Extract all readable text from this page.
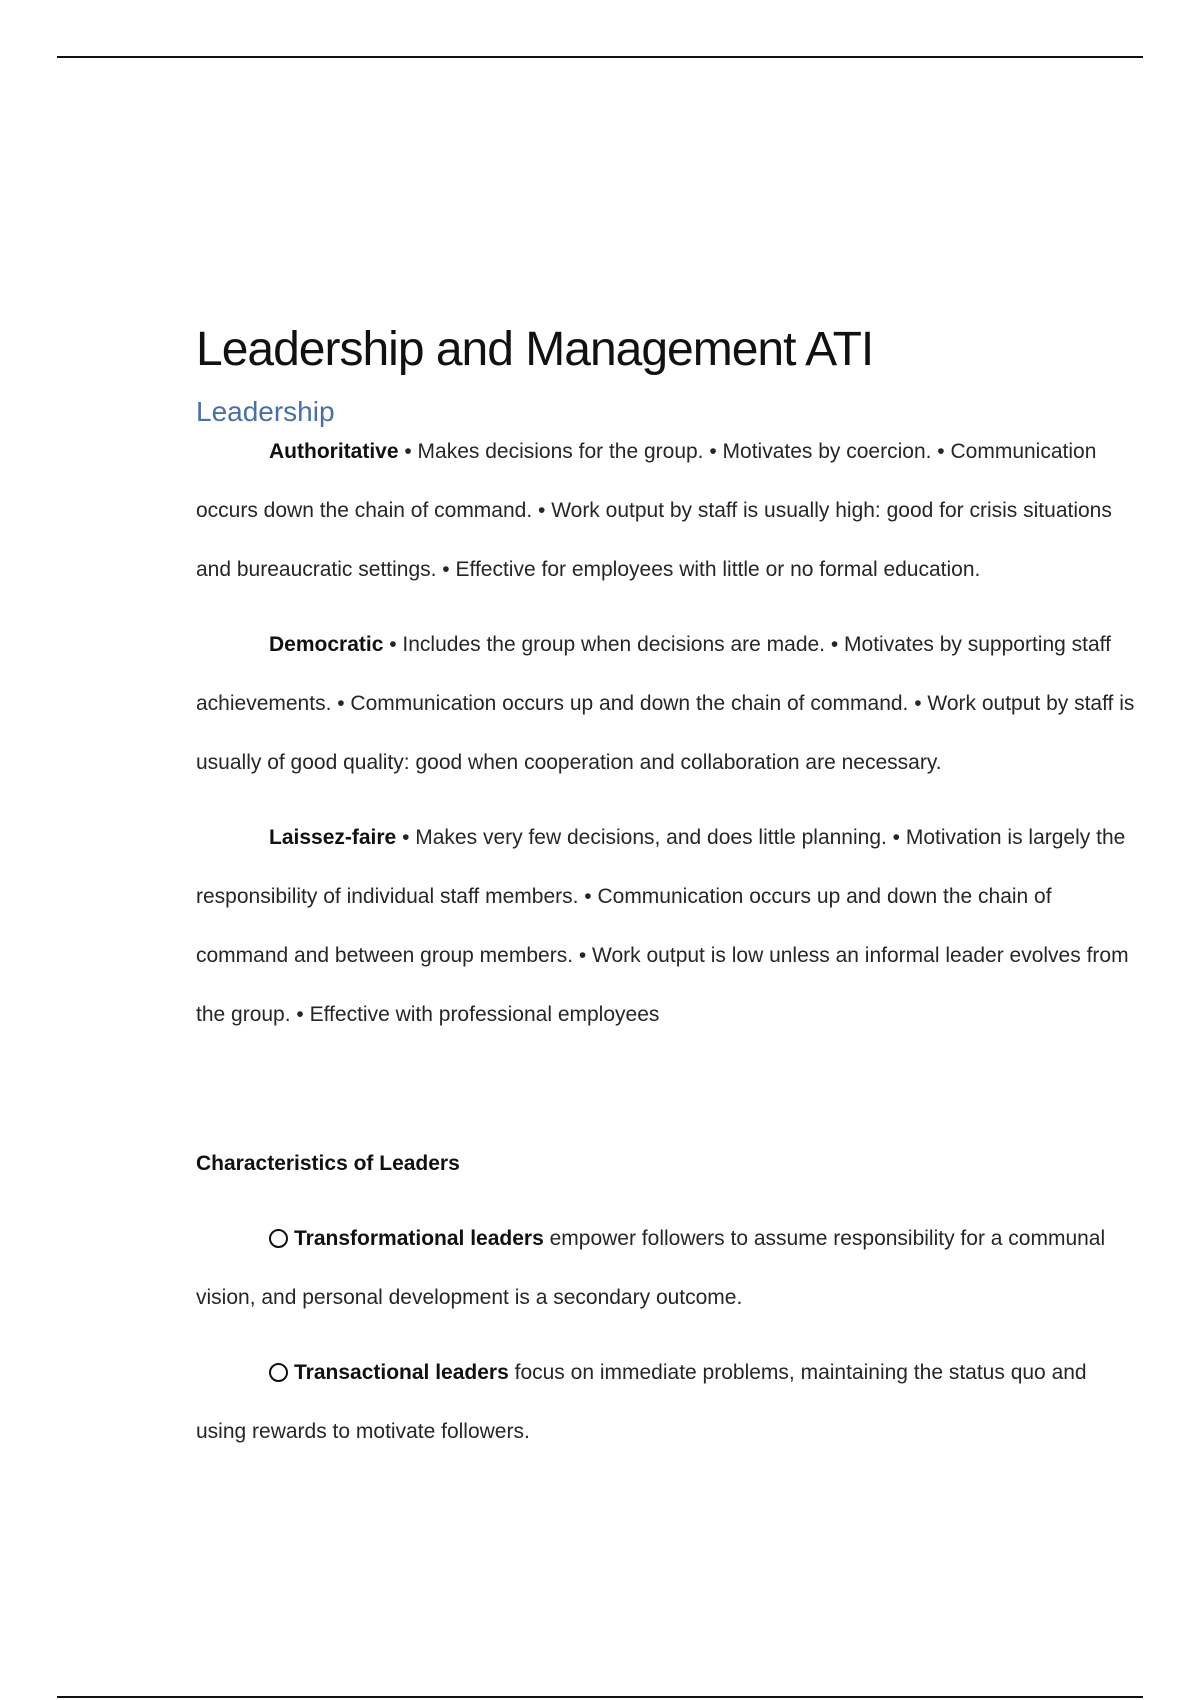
Leadership and Management ATI
Leadership

Authoritative • Makes decisions for the group. • Motivates by coercion. • Communication occurs down the chain of command. • Work output by staff is usually high: good for crisis situations and bureaucratic settings. • Effective for employees with little or no formal education.

Democratic • Includes the group when decisions are made. • Motivates by supporting staff achievements. • Communication occurs up and down the chain of command. • Work output by staff is usually of good quality: good when cooperation and collaboration are necessary.

Laissez-faire • Makes very few decisions, and does little planning. • Motivation is largely the responsibility of individual staff members. • Communication occurs up and down the chain of command and between group members. • Work output is low unless an informal leader evolves from the group. • Effective with professional employees

Characteristics of Leaders

Transformational leaders empower followers to assume responsibility for a communal vision, and personal development is a secondary outcome.

Transactional leaders focus on immediate problems, maintaining the status quo and using rewards to motivate followers.
